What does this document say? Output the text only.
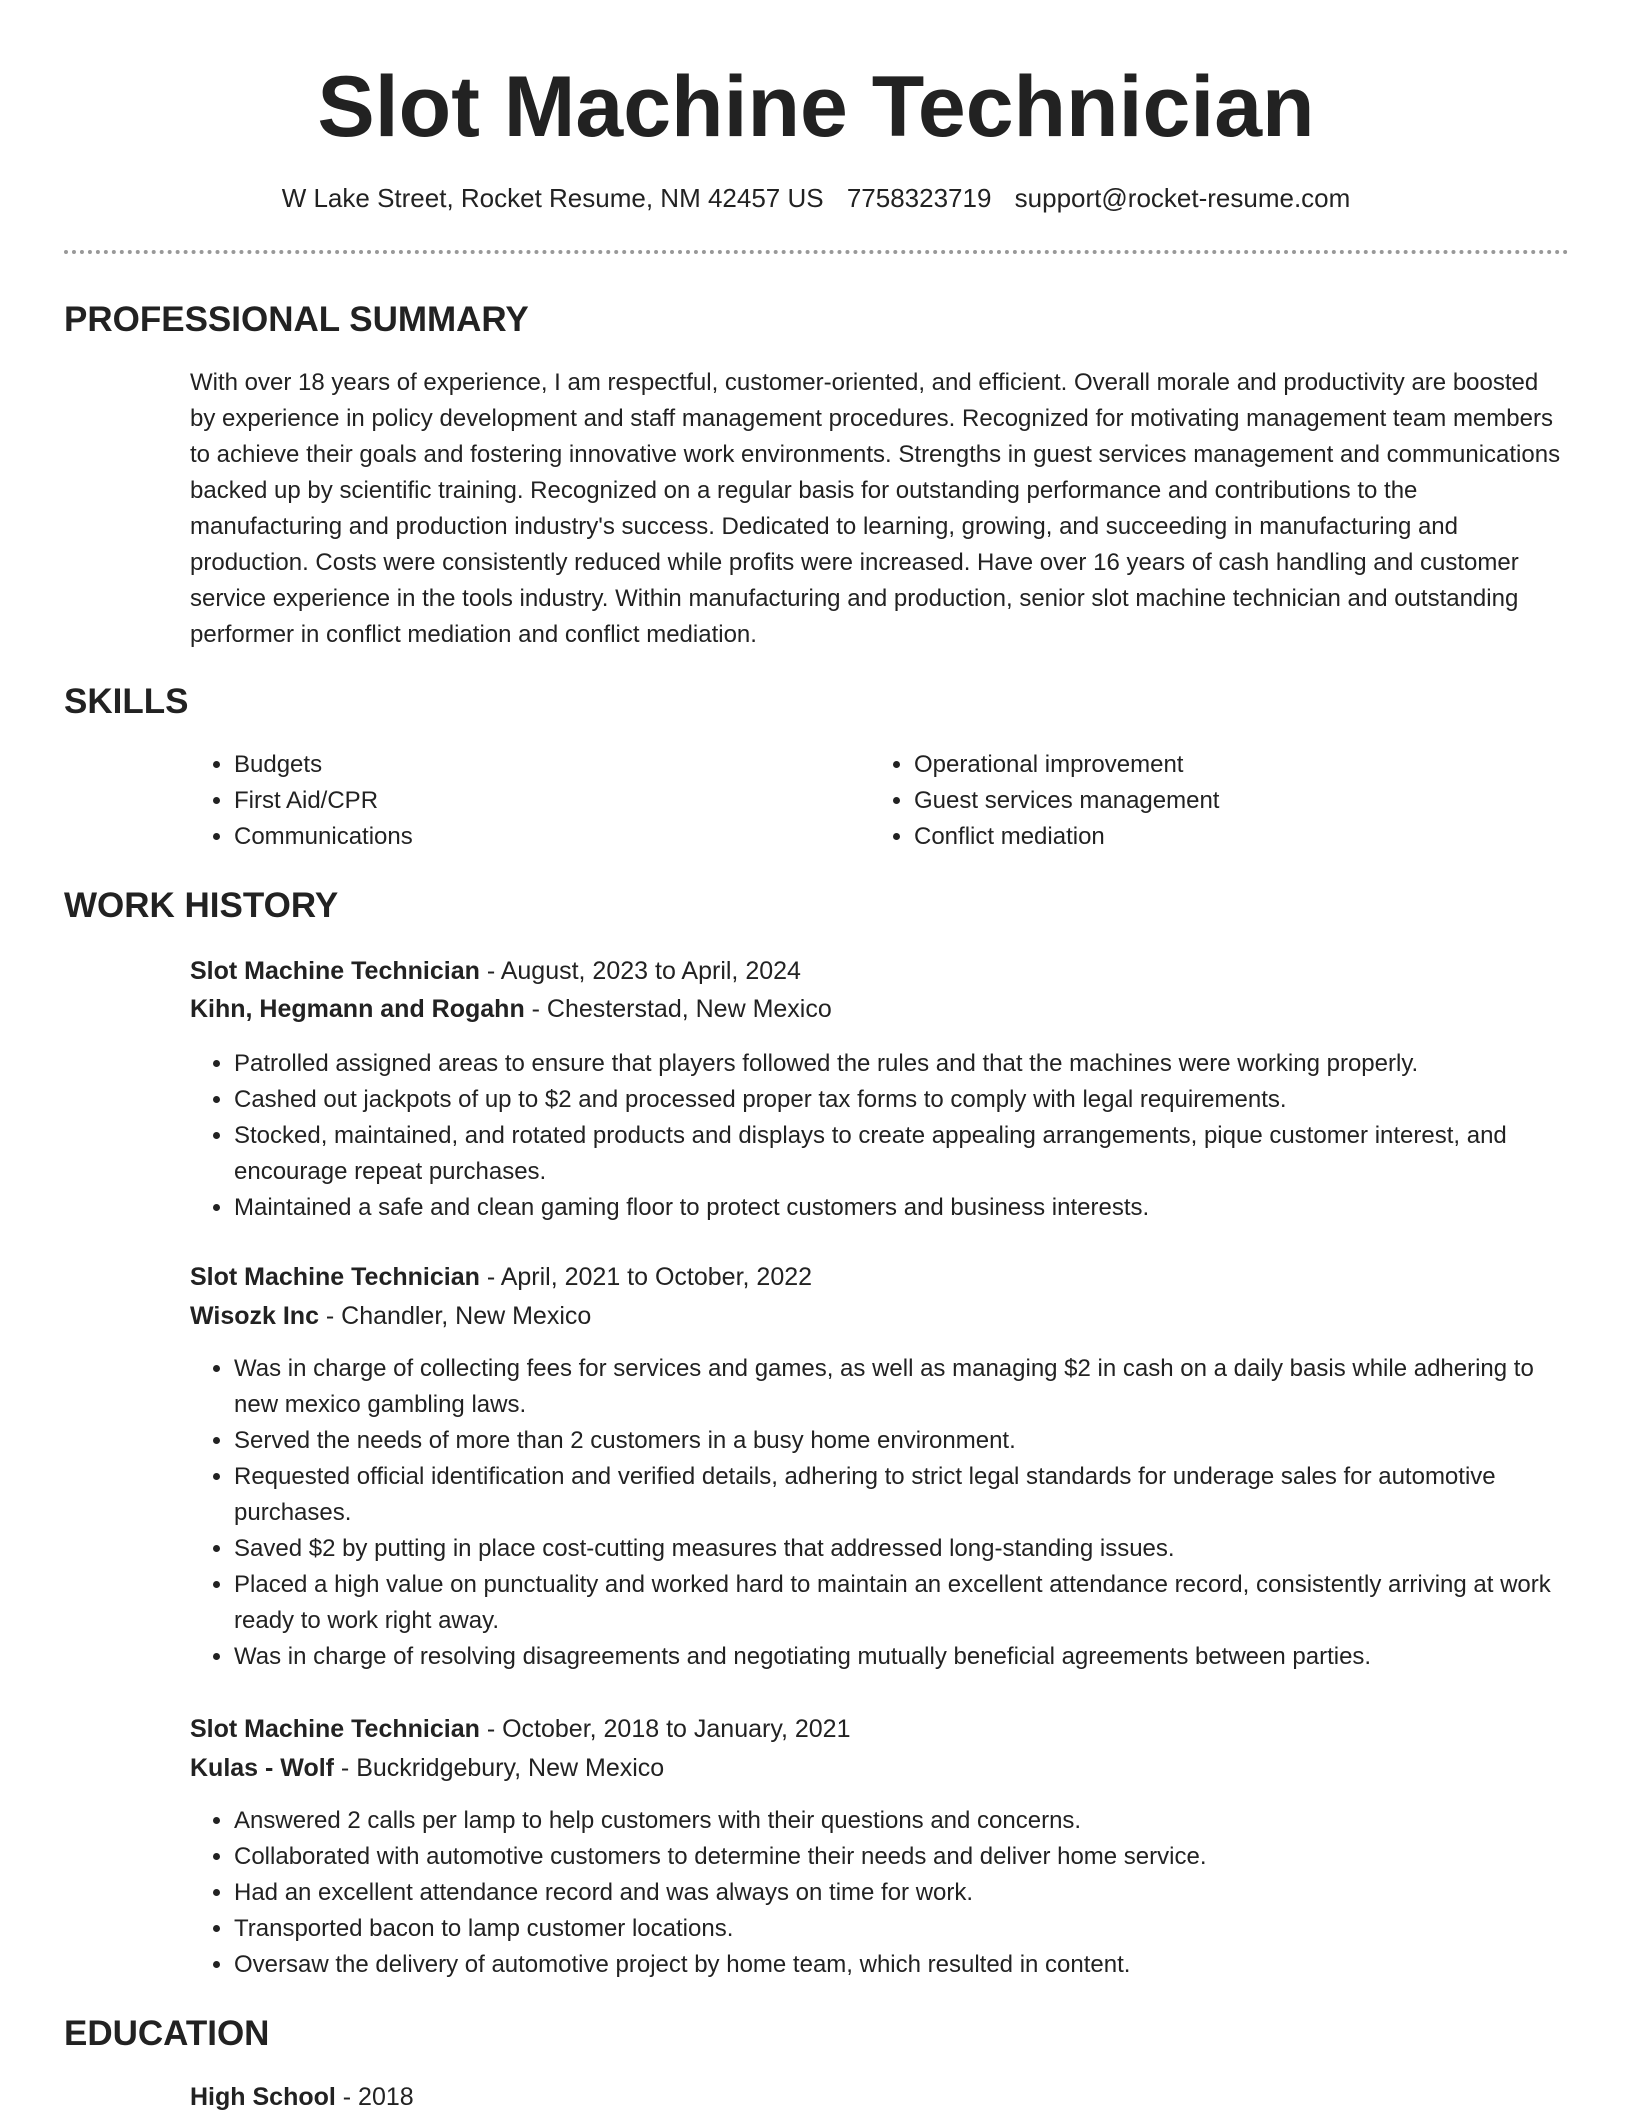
Slot Machine Technician
W Lake Street, Rocket Resume, NM 42457 US 7758323719 support@rocket-resume.com
PROFESSIONAL SUMMARY

With over 18 years of experience, I am respectful, customer-oriented, and efficient. Overall morale and productivity are boosted by experience in policy development and staff management procedures. Recognized for motivating management team members to achieve their goals and fostering innovative work environments. Strengths in guest services management and communications backed up by scientific training. Recognized on a regular basis for outstanding performance and contributions to the manufacturing and production industry's success. Dedicated to learning, growing, and succeeding in manufacturing and production. Costs were consistently reduced while profits were increased. Have over 16 years of cash handling and customer service experience in the tools industry. Within manufacturing and production, senior slot machine technician and outstanding performer in conflict mediation and conflict mediation.

SKILLS
• Budgets
• First Aid/CPR
• Communications
• Operational improvement
• Guest services management
• Conflict mediation
WORK HISTORY
Slot Machine Technician - August, 2023 to April, 2024
Kihn, Hegmann and Rogahn - Chesterstad, New Mexico
• Patrolled assigned areas to ensure that players followed the rules and that the machines were working properly.
• Cashed out jackpots of up to $2 and processed proper tax forms to comply with legal requirements.
• Stocked, maintained, and rotated products and displays to create appealing arrangements, pique customer interest, and encourage repeat purchases.
• Maintained a safe and clean gaming floor to protect customers and business interests.
Slot Machine Technician - April, 2021 to October, 2022
Wisozk Inc - Chandler, New Mexico
• Was in charge of collecting fees for services and games, as well as managing $2 in cash on a daily basis while adhering to new mexico gambling laws.
• Served the needs of more than 2 customers in a busy home environment.
• Requested official identification and verified details, adhering to strict legal standards for underage sales for automotive purchases.
• Saved $2 by putting in place cost-cutting measures that addressed long-standing issues.
• Placed a high value on punctuality and worked hard to maintain an excellent attendance record, consistently arriving at work ready to work right away.
• Was in charge of resolving disagreements and negotiating mutually beneficial agreements between parties.
Slot Machine Technician - October, 2018 to January, 2021
Kulas - Wolf - Buckridgebury, New Mexico
• Answered 2 calls per lamp to help customers with their questions and concerns.
• Collaborated with automotive customers to determine their needs and deliver home service.
• Had an excellent attendance record and was always on time for work.
• Transported bacon to lamp customer locations.
• Oversaw the delivery of automotive project by home team, which resulted in content.
EDUCATION
High School - 2018
